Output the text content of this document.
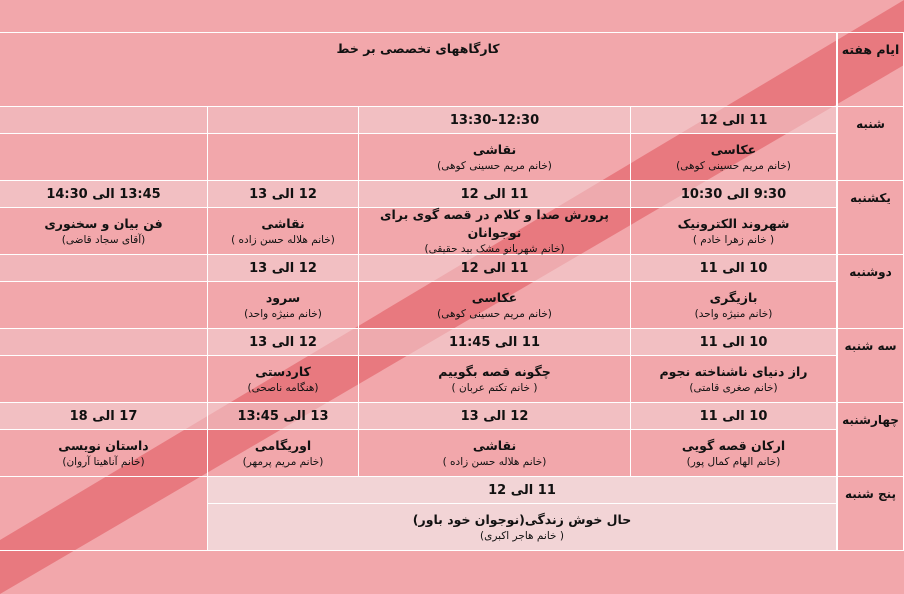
ایام هفته
کارگاههای تخصصی بر خط
شنبه
11 الی 12
عکاسی
(خانم مریم حسینی کوهی)
12:30–13:30
نقاشی
(خانم مریم حسینی کوهی)
یکشنبه
9:30 الی 10:30
شهروند الکترونیک
( خانم زهرا خادم )
11 الی 12
پرورش صدا و کلام در قصه گوی برای نوجوانان
(خانم شهربانو مشک بید حقیقی)
12 الی 13
نقاشی
(خانم هلاله حسن زاده )
13:45 الی 14:30
فن بیان و سخنوری
(آقای سجاد قاضی)
دوشنبه
10 الی 11
بازیگری
(خانم منیژه واحد)
11 الی 12
عکاسی
(خانم مریم حسینی کوهی)
12 الی 13
سرود
(خانم منیژه واحد)
سه شنبه
10 الی 11
راز دنیای ناشناخته نجوم
(خانم صغری قامتی)
11 الی 11:45
چگونه قصه بگوییم
( خانم تکتم عربان )
12 الی 13
کاردستی
(هنگامه ناصحی)
چهارشنبه
10 الی 11
ارکان قصه گویی
(خانم الهام کمال پور)
12 الی 13
نقاشی
(خانم هلاله حسن زاده )
13 الی 13:45
اوریگامی
(خانم مریم پرمهر)
17 الی 18
داستان نویسی
(خانم آناهیتا آروان)
پنج شنبه
11 الی 12
حال خوش زندگی(نوجوان خود باور)
( خانم هاجر اکبری)
